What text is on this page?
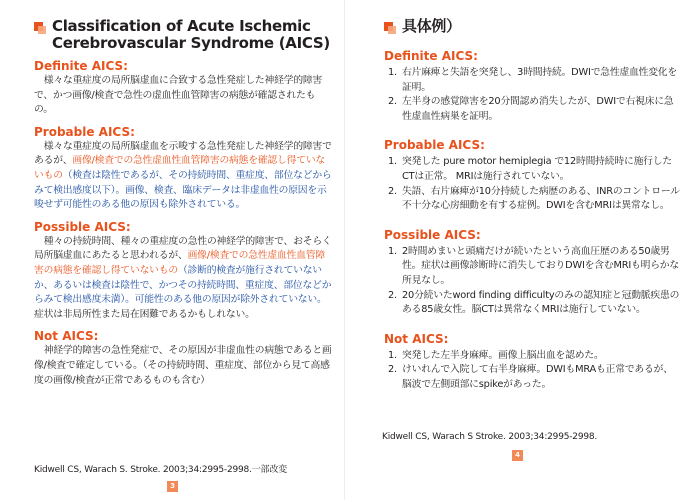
Classification of Acute Ischemic
Cerebrovascular Syndrome (AICS)
Definite AICS:
様々な重症度の局所脳虚血に合致する急性発症した神経学的障害で、かつ画像/検査で急性の虚血性血管障害の病態が確認されたもの。
Probable AICS:
様々な重症度の局所脳虚血を示唆する急性発症した神経学的障害であるが、画像/検査での急性虚血性血管障害の病態を確認し得ていないもの（検査は陰性であるが、その持続時間、重症度、部位などからみて検出感度以下）。画像、検査、臨床データは非虚血性の原因を示唆せず可能性のある他の原因も除外されている。
Possible AICS:
種々の持続時間、種々の重症度の急性の神経学的障害で、おそらく局所脳虚血にあたると思われるが、画像/検査での急性虚血性血管障害の病態を確認し得ていないもの（診断的検査が施行されていないか、あるいは検査は陰性で、かつその持続時間、重症度、部位などからみて検出感度未満）。可能性のある他の原因が除外されていない。症状は非局所性また局在困難であるかもしれない。
Not AICS:
神経学的障害の急性発症で、その原因が非虚血性の病態であると画像/検査で確定している。（その持続時間、重症度、部位から見て高感度の画像/検査が正常であるものも含む）
Kidwell CS, Warach S. Stroke. 2003;34:2995-2998.一部改変
3
具体例）
Definite AICS:
1. 右片麻痺と失語を突発し、3時間持続。DWIで急性虚血性変化を証明。
2. 左半身の感覚障害を20分間認め消失したが、DWIで右視床に急性虚血性病巣を証明。
Probable AICS:
1. 突発した pure motor hemiplegia で12時間持続時に施行したCTは正常。 MRIは施行されていない。
2. 失語、右片麻痺が10分持続した病歴のある、INRのコントロール不十分な心房細動を有する症例。DWIを含むMRIは異常なし。
Possible AICS:
1. 2時間めまいと頭痛だけが続いたという高血圧歴のある50歳男性。症状は画像診断時に消失しておりDWIを含むMRIも明らかな所見なし。
2. 20分続いたword finding difficultyのみの認知症と冠動脈疾患のある85歳女性。脳CTは異常なくMRIは施行していない。
Not AICS:
1. 突発した左半身麻痺。画像上脳出血を認めた。
2. けいれんで入院して右半身麻痺。DWIもMRAも正常であるが、脳波で左側頭部にspikeがあった。
Kidwell CS, Warach S Stroke. 2003;34:2995-2998.
4
